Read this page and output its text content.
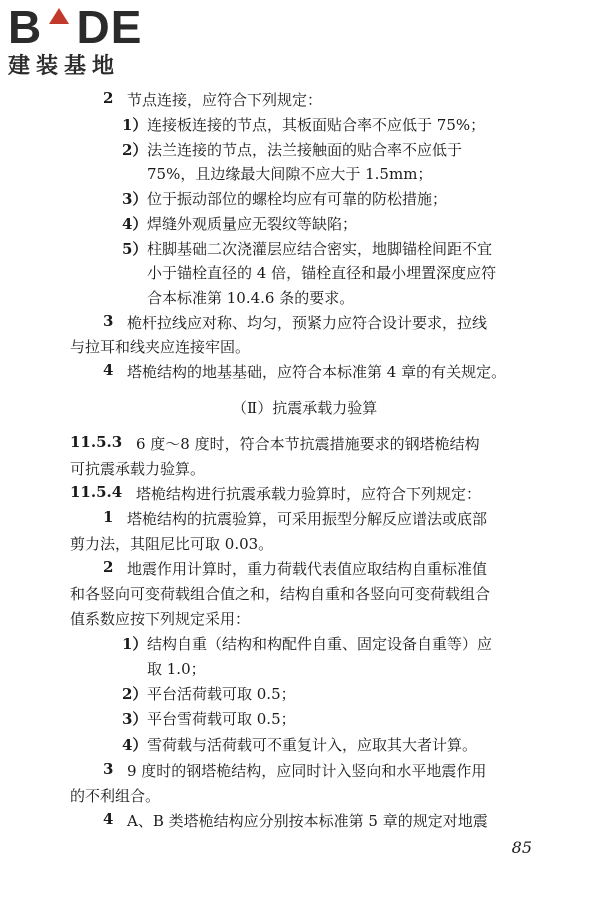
B DE
建装基地
2 节点连接，应符合下列规定：
1） 连接板连接的节点，其板面贴合率不应低于 75%；
2） 法兰连接的节点，法兰接触面的贴合率不应低于
75%，且边缘最大间隙不应大于 1.5mm；
3） 位于振动部位的螺栓均应有可靠的防松措施；
4） 焊缝外观质量应无裂纹等缺陷；
5） 柱脚基础二次浇灌层应结合密实，地脚锚栓间距不宜
小于锚栓直径的 4 倍，锚栓直径和最小埋置深度应符
合本标准第 10.4.6 条的要求。
3 桅杆拉线应对称、均匀，预紧力应符合设计要求，拉线
与拉耳和线夹应连接牢固。
4 塔桅结构的地基基础，应符合本标准第 4 章的有关规定。
（Ⅱ）抗震承载力验算
11.5.3 6 度～8 度时，符合本节抗震措施要求的钢塔桅结构
可抗震承载力验算。
11.5.4 塔桅结构进行抗震承载力验算时，应符合下列规定：
1 塔桅结构的抗震验算，可采用振型分解反应谱法或底部
剪力法，其阻尼比可取 0.03。
2 地震作用计算时，重力荷载代表值应取结构自重标准值
和各竖向可变荷载组合值之和，结构自重和各竖向可变荷载组合
值系数应按下列规定采用：
1） 结构自重（结构和构配件自重、固定设备自重等）应
取 1.0；
2） 平台活荷载可取 0.5；
3） 平台雪荷载可取 0.5；
4） 雪荷载与活荷载可不重复计入，应取其大者计算。
3 9 度时的钢塔桅结构，应同时计入竖向和水平地震作用
的不利组合。
4 A、B 类塔桅结构应分别按本标准第 5 章的规定对地震
85
